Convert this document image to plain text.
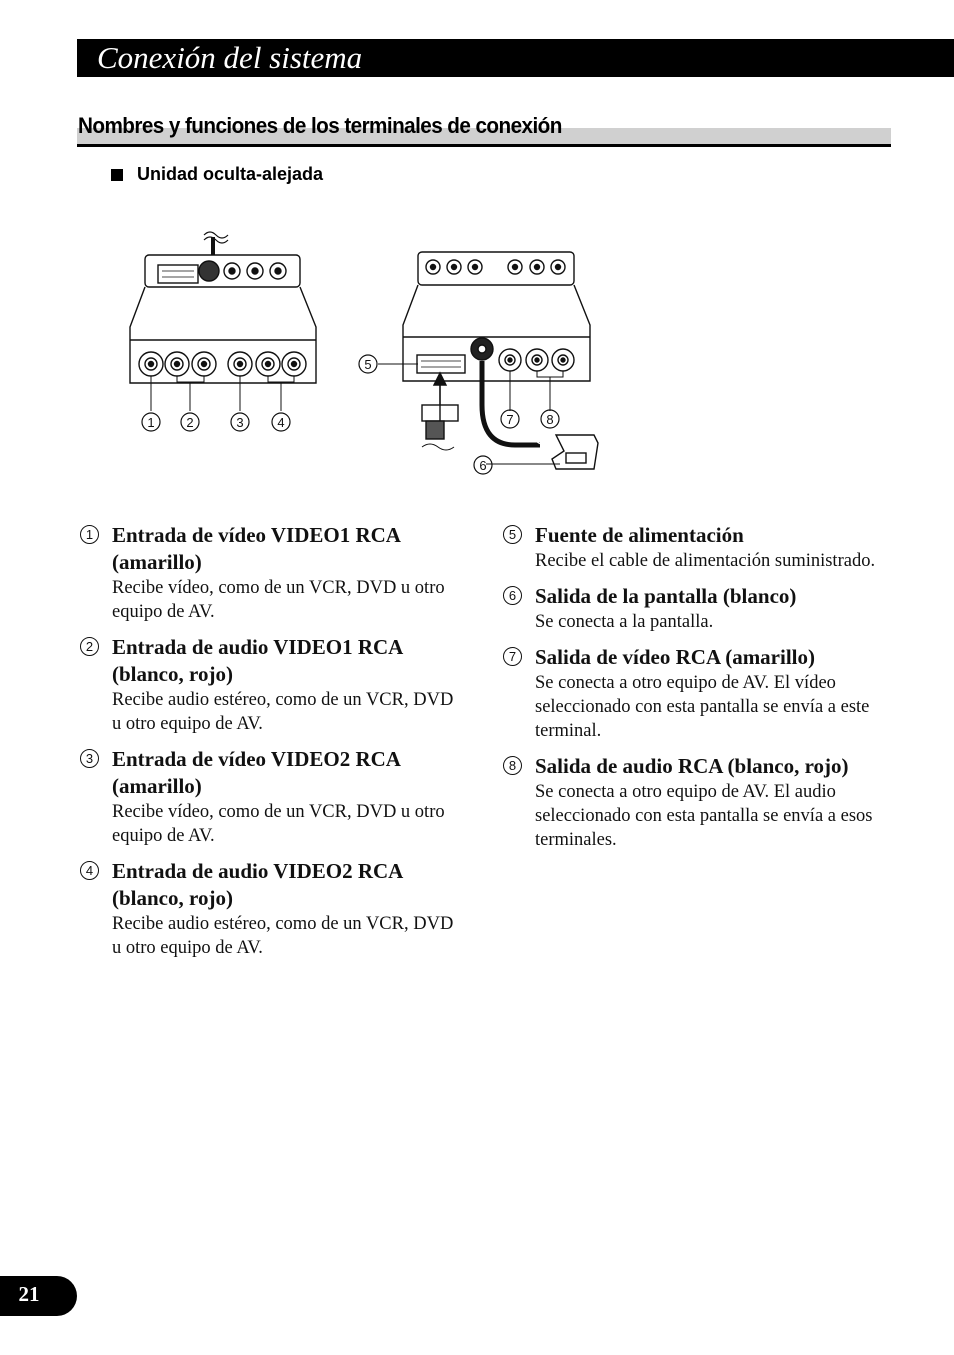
Conexión del sistema
Nombres y funciones de los terminales de conexión
Unidad oculta-alejada
1 2	3	4
5
6
7	8
1 Entrada de vídeo VIDEO1 RCA (amarillo)

Recibe vídeo, como de un VCR, DVD u otro equipo de AV.

2 Entrada de audio VIDEO1 RCA (blanco, rojo)

Recibe audio estéreo, como de un VCR, DVD u otro equipo de AV.

3 Entrada de vídeo VIDEO2 RCA (amarillo)

Recibe vídeo, como de un VCR, DVD u otro equipo de AV.

4 Entrada de audio VIDEO2 RCA (blanco, rojo)

Recibe audio estéreo, como de un VCR, DVD u otro equipo de AV.

5 Fuente de alimentación

Recibe el cable de alimentación suministrado.

6 Salida de la pantalla (blanco)

Se conecta a la pantalla.

7 Salida de vídeo RCA (amarillo)

Se conecta a otro equipo de AV. El vídeo seleccionado con esta pantalla se envía a este terminal.

8 Salida de audio RCA (blanco, rojo)

Se conecta a otro equipo de AV. El audio seleccionado con esta pantalla se envía a esos terminales.

21
